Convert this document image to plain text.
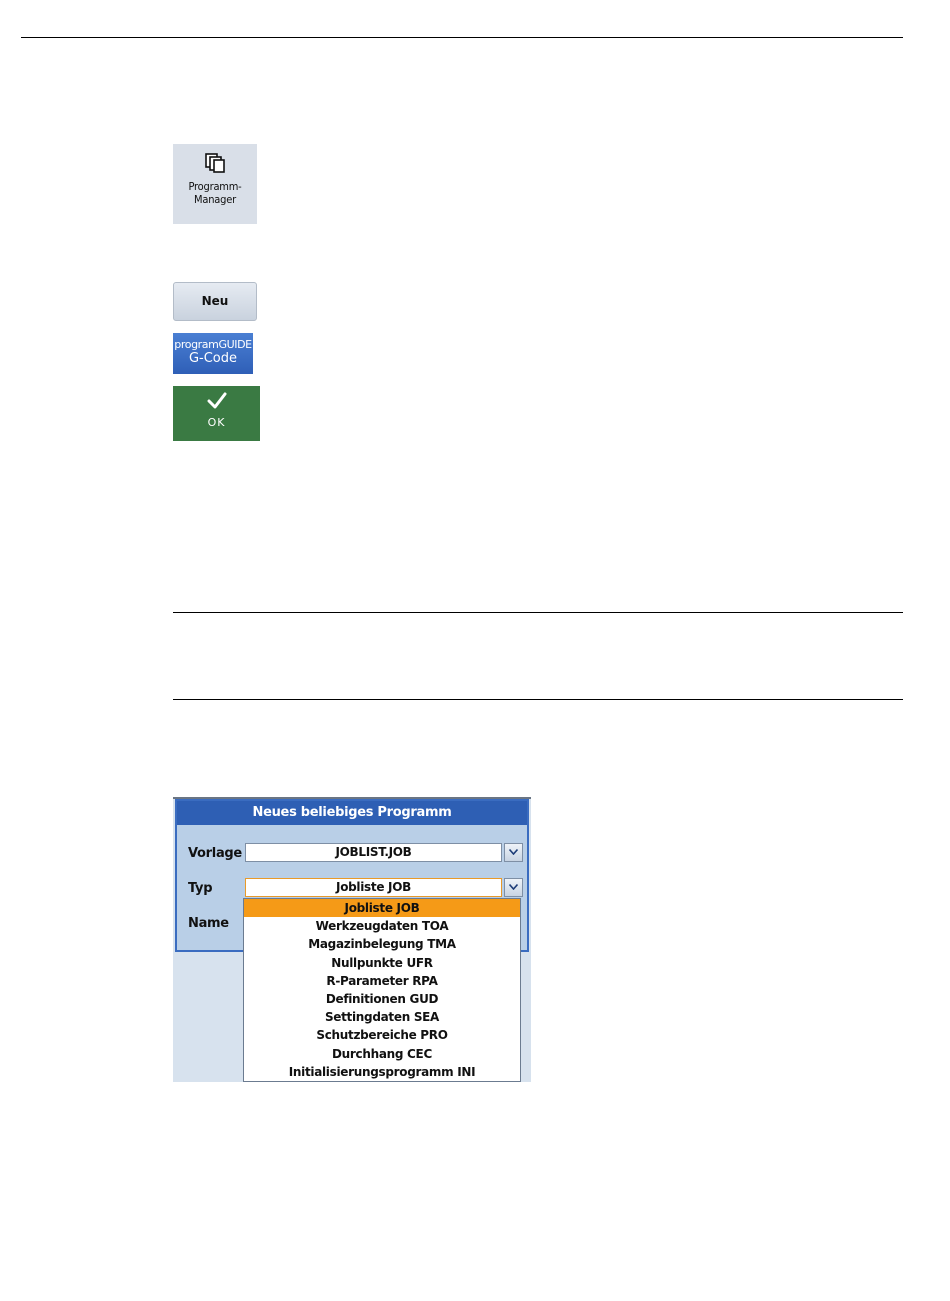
Programm-
Manager
Neu
programGUIDE
G-Code
OK
Neues beliebiges Programm
Vorlage	JOBLIST.JOB
Typ	Jobliste JOB
Name
Jobliste JOB
Werkzeugdaten TOA
Magazinbelegung TMA
Nullpunkte UFR
R-Parameter RPA
Definitionen GUD
Settingdaten SEA
Schutzbereiche PRO
Durchhang CEC
Initialisierungsprogramm INI
